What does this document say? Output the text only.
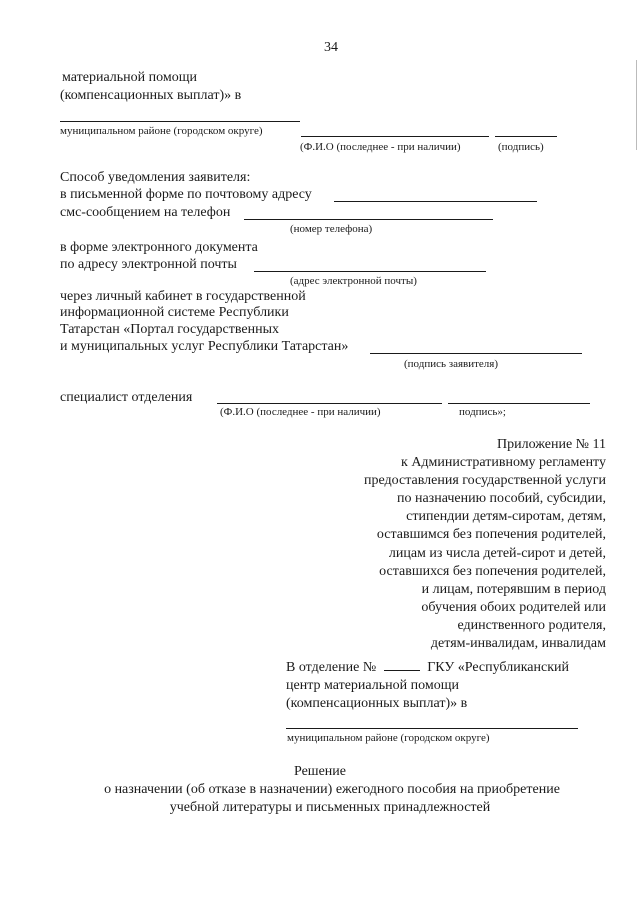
34
материальной помощи
(компенсационных выплат)» в
муниципальном районе (городском округе)
(Ф.И.О (последнее - при наличии)	(подпись)
Способ уведомления заявителя:
в письменной форме по почтовому адресу
смс-сообщением на телефон
(номер телефона)
в форме электронного документа
по адресу электронной почты
(адрес электронной почты)
через личный кабинет в государственной
информационной системе Республики
Татарстан «Портал государственных
и муниципальных услуг Республики Татарстан»
(подпись заявителя)
специалист отделения
(Ф.И.О (последнее - при наличии)	подпись»;
Приложение № 11
к Административному регламенту
предоставления государственной услуги
по назначению пособий, субсидии,
стипендии детям-сиротам, детям,
оставшимся без попечения родителей,
лицам из числа детей-сирот и детей,
оставшихся без попечения родителей,
и лицам, потерявшим в период
обучения обоих родителей или
единственного родителя,
детям-инвалидам, инвалидам
В отделение №	ГКУ «Республиканский
центр материальной помощи
(компенсационных выплат)» в
муниципальном районе (городском округе)
Решение
о назначении (об отказе в назначении) ежегодного пособия на приобретение
учебной литературы и письменных принадлежностей
